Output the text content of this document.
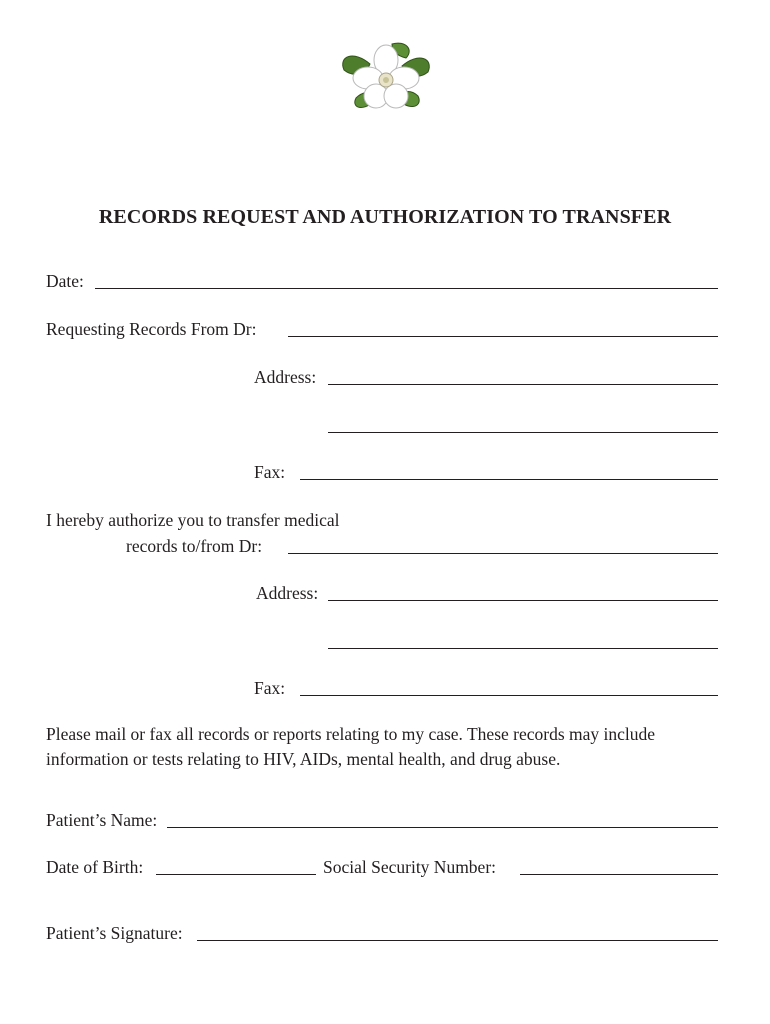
RECORDS REQUEST AND AUTHORIZATION TO TRANSFER
Date:
Requesting Records From Dr:
Address:
Fax:
I hereby authorize you to transfer medical
records to/from Dr:
Address:
Fax:
Please mail or fax all records or reports relating to my case. These records may include information or tests relating to HIV, AIDs, mental health, and drug abuse.
Patient’s Name:
Date of Birth:	Social Security Number:
Patient’s Signature:
